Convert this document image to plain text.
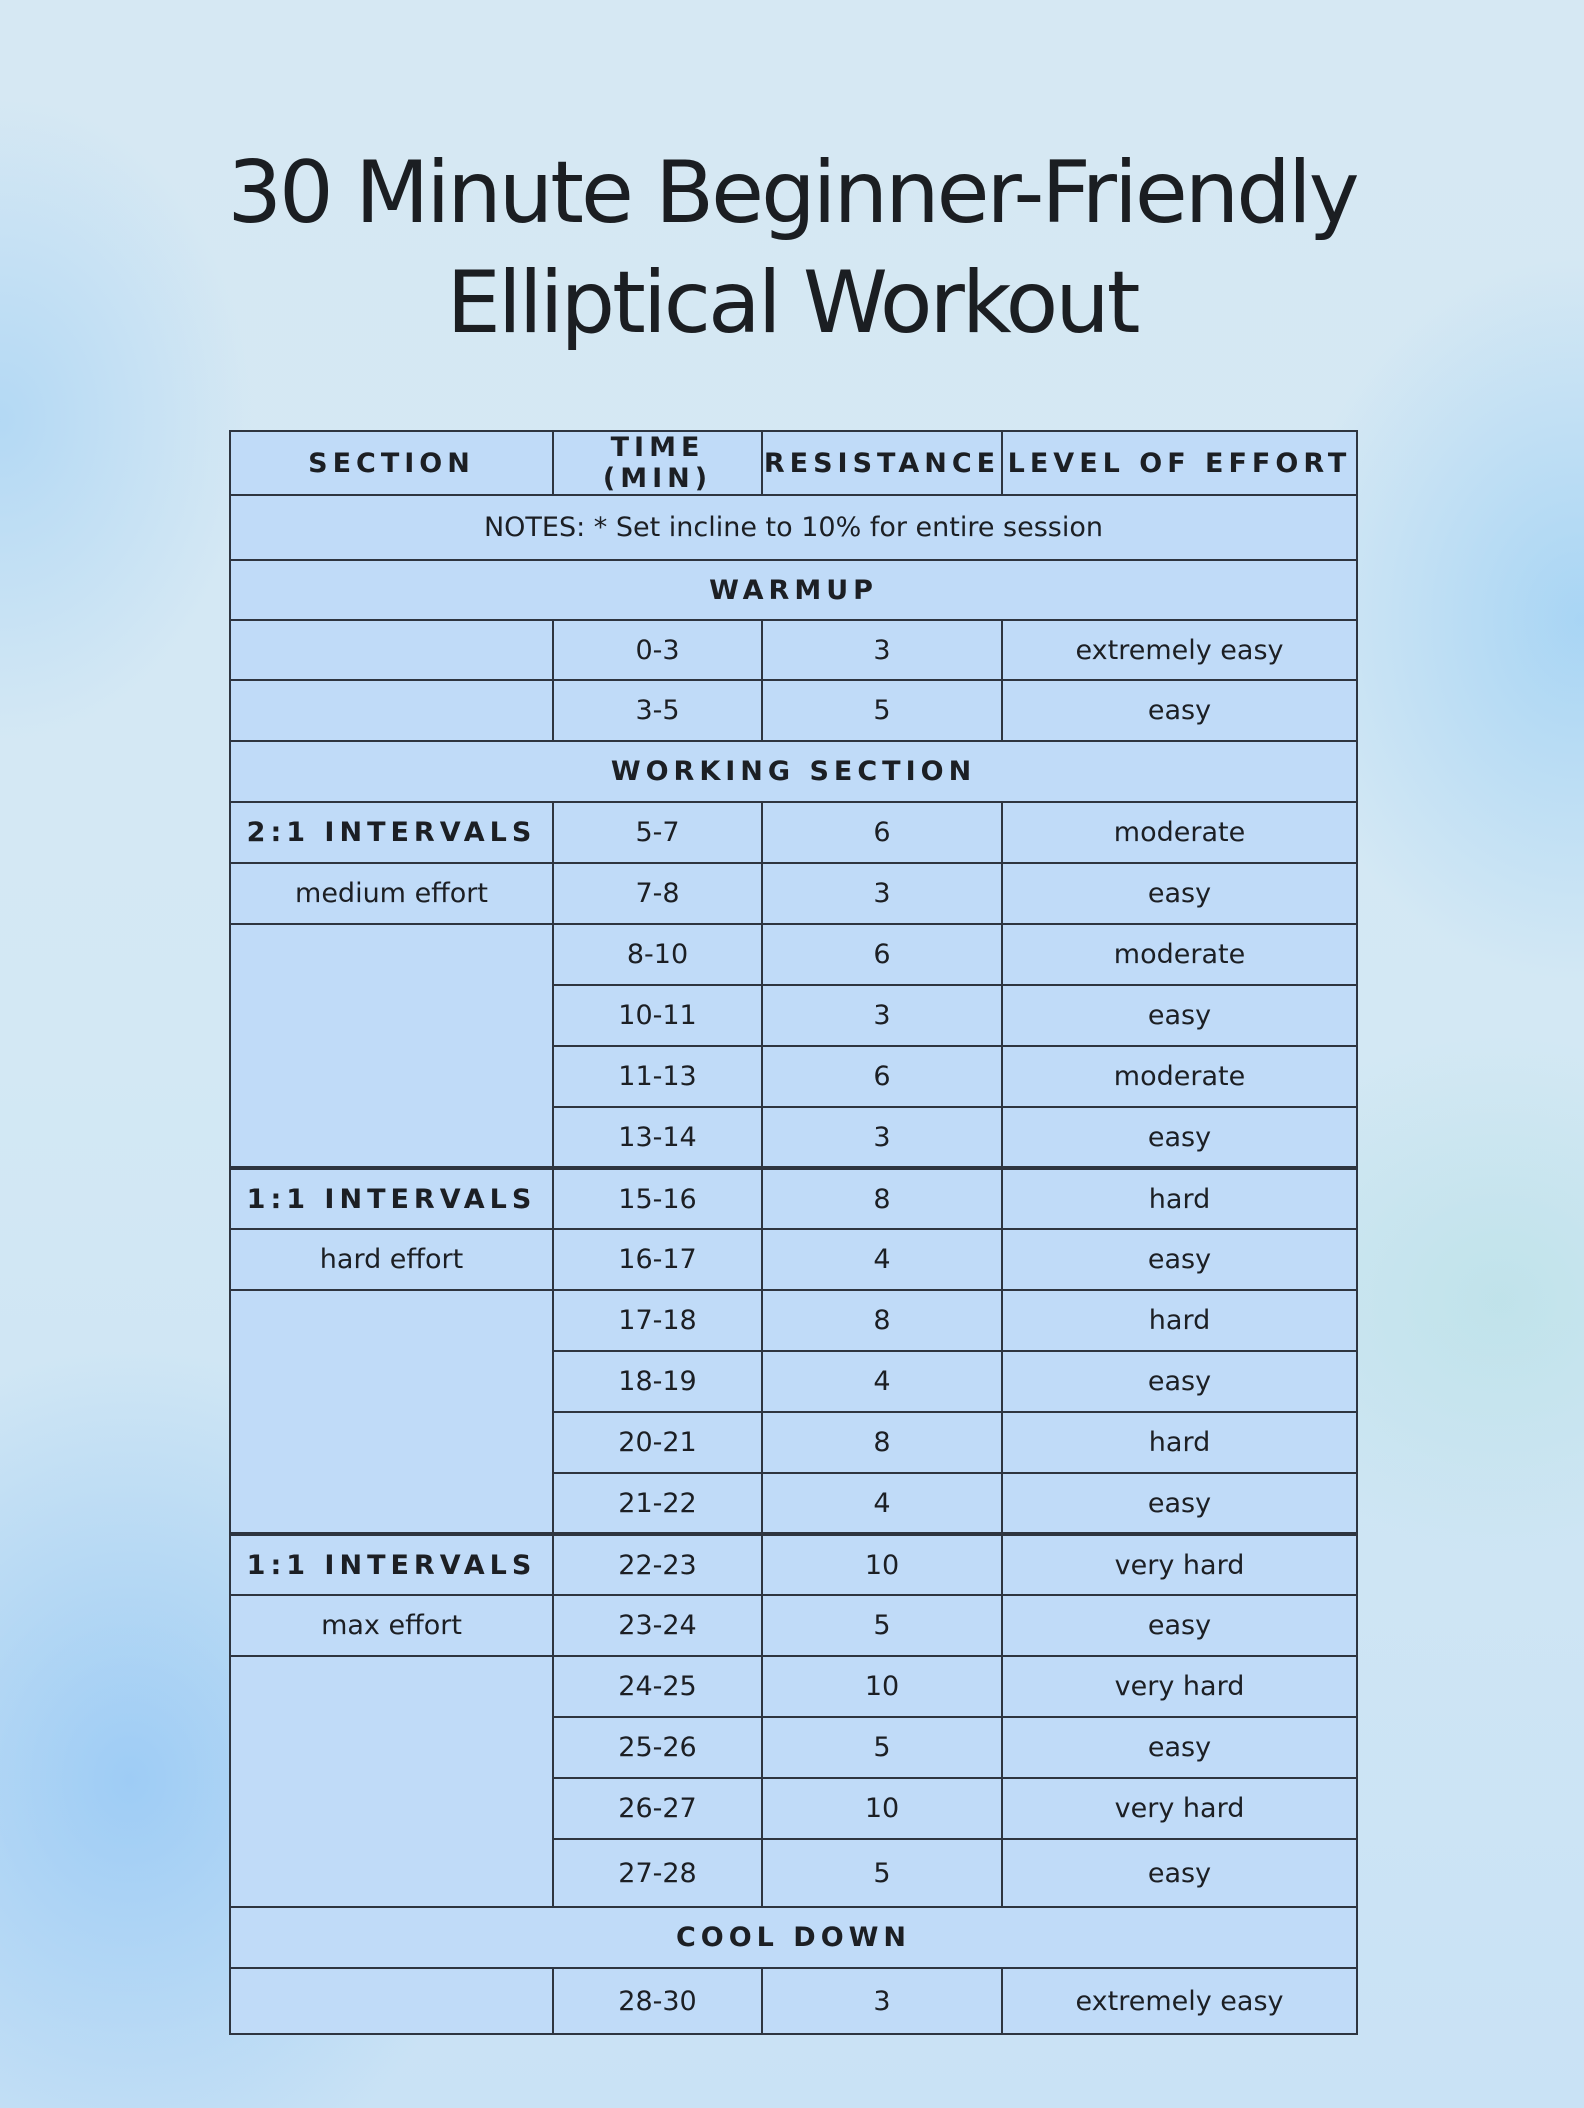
30 Minute Beginner-Friendly
Elliptical Workout
SECTION	TIME (MIN)	RESISTANCE	LEVEL OF EFFORT
NOTES: * Set incline to 10% for entire session			
WARMUP			
	0-3	3	extremely easy
	3-5	5	easy
WORKING SECTION			
2:1 INTERVALS	5-7	6	moderate
medium effort	7-8	3	easy
	8-10	6	moderate
	10-11	3	easy
	11-13	6	moderate
	13-14	3	easy
1:1 INTERVALS	15-16	8	hard
hard effort	16-17	4	easy
	17-18	8	hard
	18-19	4	easy
	20-21	8	hard
	21-22	4	easy
1:1 INTERVALS	22-23	10	very hard
max effort	23-24	5	easy
	24-25	10	very hard
	25-26	5	easy
	26-27	10	very hard
	27-28	5	easy
COOL DOWN			
	28-30	3	extremely easy
